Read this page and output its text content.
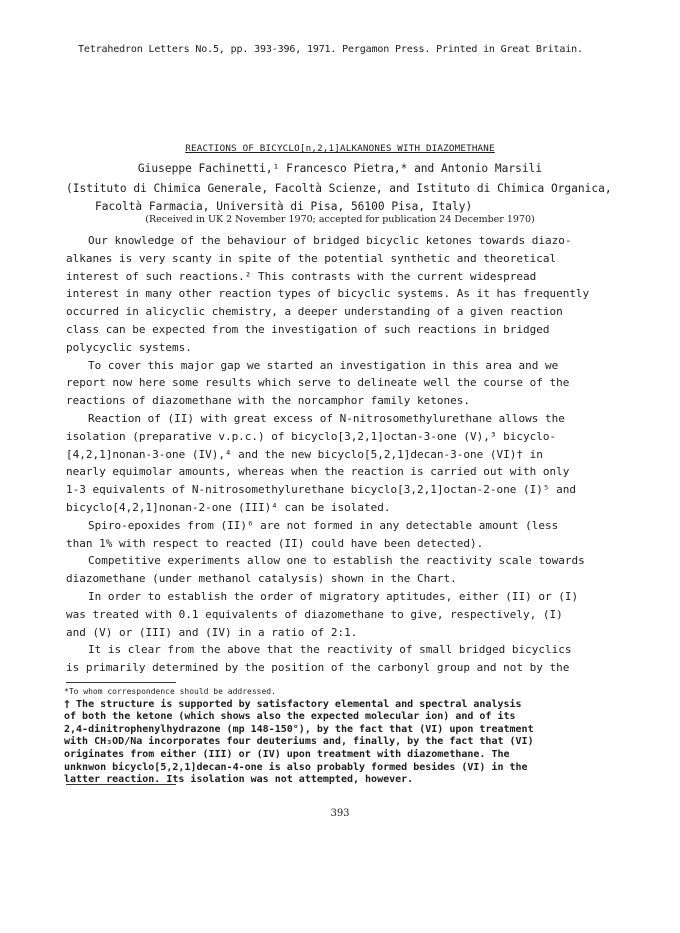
Tetrahedron Letters No.5, pp. 393-396, 1971. Pergamon Press. Printed in Great Britain.
REACTIONS OF BICYCLO[n,2,1]ALKANONES WITH DIAZOMETHANE
Giuseppe Fachinetti,¹ Francesco Pietra,* and Antonio Marsili
(Istituto di Chimica Generale, Facoltà Scienze, and Istituto di Chimica Organica,
Facoltà Farmacia, Università di Pisa, 56100 Pisa, Italy)
(Received in UK 2 November 1970; accepted for publication 24 December 1970)

Our knowledge of the behaviour of bridged bicyclic ketones towards diazo-
alkanes is very scanty in spite of the potential synthetic and theoretical
interest of such reactions.² This contrasts with the current widespread
interest in many other reaction types of bicyclic systems. As it has frequently
occurred in alicyclic chemistry, a deeper understanding of a given reaction
class can be expected from the investigation of such reactions in bridged
polycyclic systems.

To cover this major gap we started an investigation in this area and we
report now here some results which serve to delineate well the course of the
reactions of diazomethane with the norcamphor family ketones.

Reaction of (II) with great excess of N-nitrosomethylurethane allows the
isolation (preparative v.p.c.) of bicyclo[3,2,1]octan-3-one (V),³ bicyclo-
[4,2,1]nonan-3-one (IV),⁴ and the new bicyclo[5,2,1]decan-3-one (VI)† in
nearly equimolar amounts, whereas when the reaction is carried out with only
1-3 equivalents of N-nitrosomethylurethane bicyclo[3,2,1]octan-2-one (I)⁵ and
bicyclo[4,2,1]nonan-2-one (III)⁴ can be isolated.

Spiro-epoxides from (II)⁶ are not formed in any detectable amount (less
than 1% with respect to reacted (II) could have been detected).

Competitive experiments allow one to establish the reactivity scale towards
diazomethane (under methanol catalysis) shown in the Chart.

In order to establish the order of migratory aptitudes, either (II) or (I)
was treated with 0.1 equivalents of diazomethane to give, respectively, (I)
and (V) or (III) and (IV) in a ratio of 2:1.

It is clear from the above that the reactivity of small bridged bicyclics
is primarily determined by the position of the carbonyl group and not by the

*To whom correspondence should be addressed.
† The structure is supported by satisfactory elemental and spectral analysis
of both the ketone (which shows also the expected molecular ion) and of its
2,4-dinitrophenylhydrazone (mp 148-150°), by the fact that (VI) upon treatment
with CH₃OD/Na incorporates four deuteriums and, finally, by the fact that (VI)
originates from either (III) or (IV) upon treatment with diazomethane. The
unknwon bicyclo[5,2,1]decan-4-one is also probably formed besides (VI) in the
latter reaction. Its isolation was not attempted, however.
393
